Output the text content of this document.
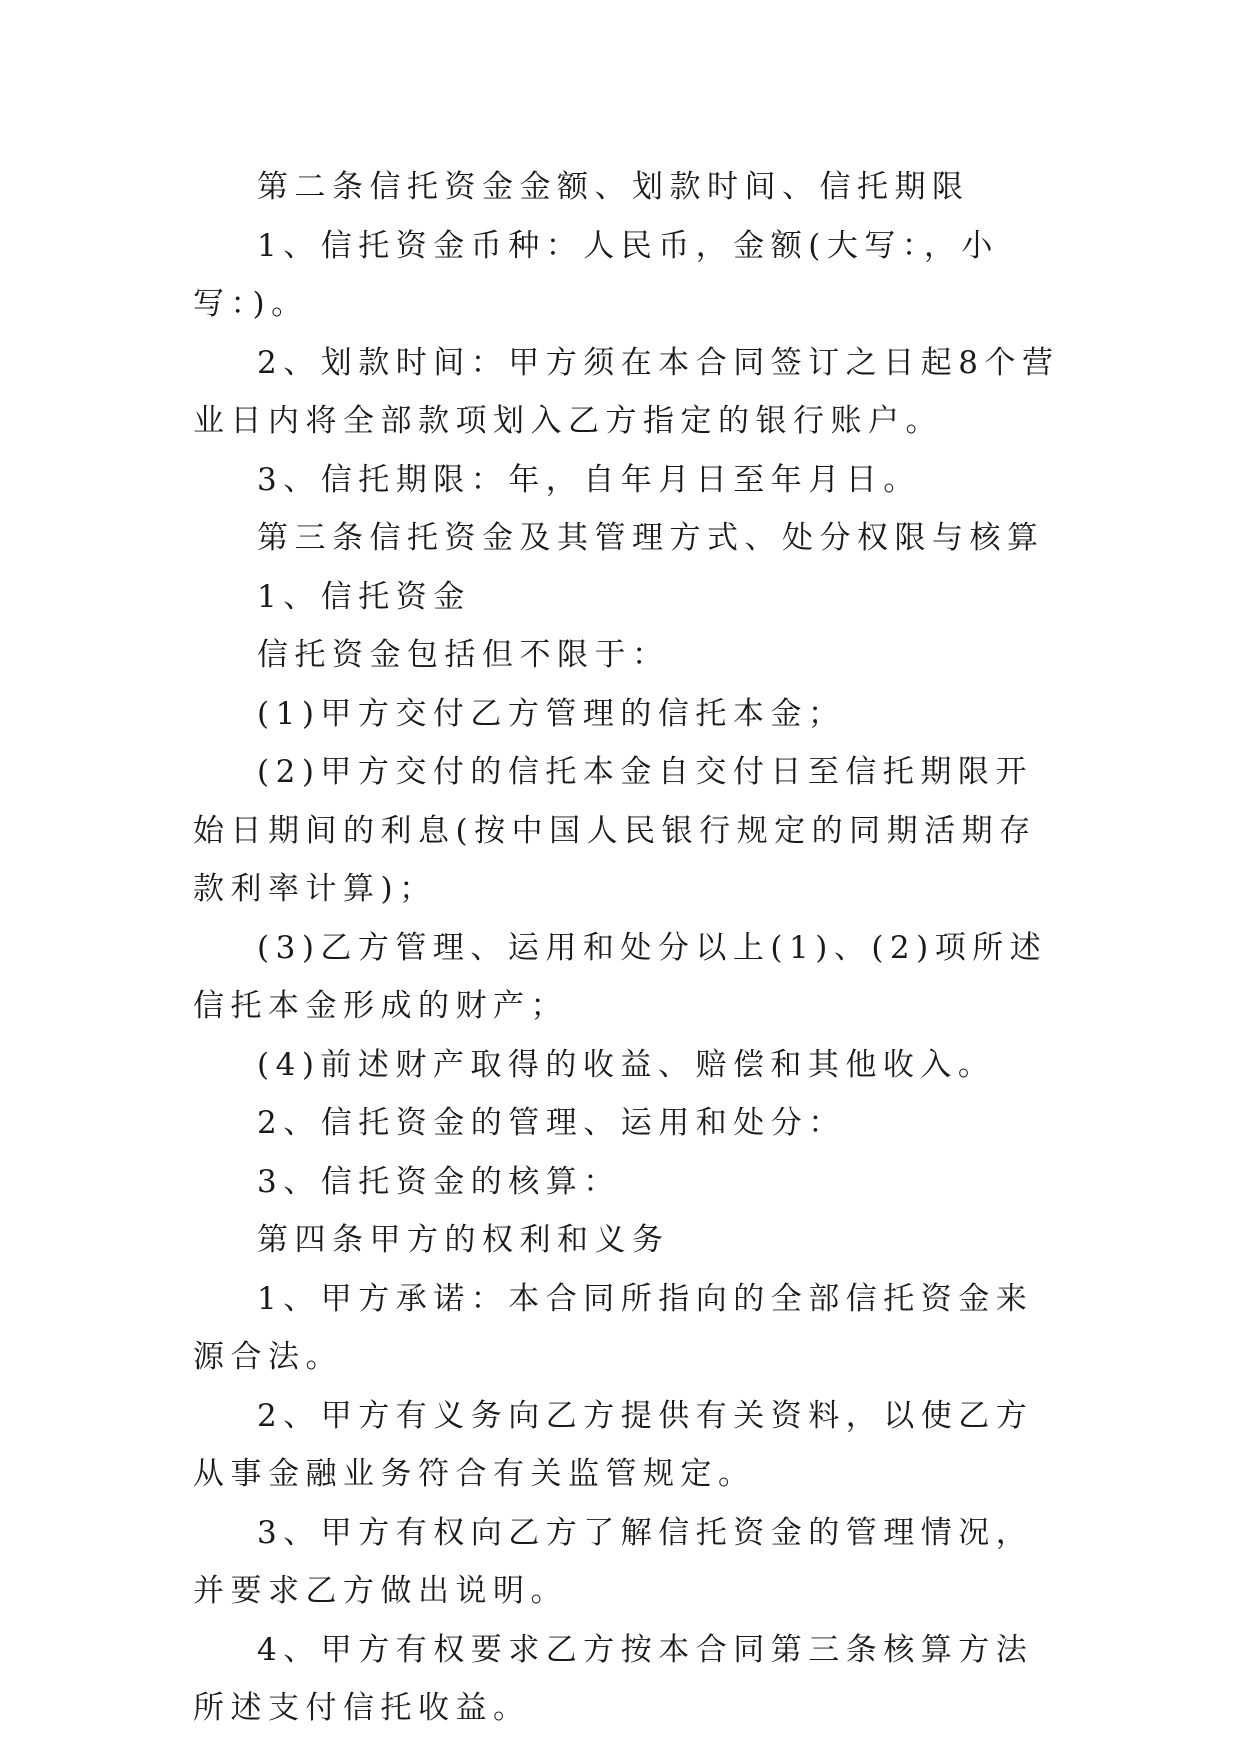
第二条信托资金金额、划款时间、信托期限

1、信托资金币种：人民币，金额(大写：，小写：)。

2、划款时间：甲方须在本合同签订之日起8个营业日内将全部款项划入乙方指定的银行账户。

3、信托期限：年，自年月日至年月日。

第三条信托资金及其管理方式、处分权限与核算

1、信托资金

信托资金包括但不限于：

(1)甲方交付乙方管理的信托本金；

(2)甲方交付的信托本金自交付日至信托期限开始日期间的利息(按中国人民银行规定的同期活期存款利率计算)；

(3)乙方管理、运用和处分以上(1)、(2)项所述信托本金形成的财产；

(4)前述财产取得的收益、赔偿和其他收入。

2、信托资金的管理、运用和处分：

3、信托资金的核算：

第四条甲方的权利和义务

1、甲方承诺：本合同所指向的全部信托资金来源合法。

2、甲方有义务向乙方提供有关资料，以使乙方从事金融业务符合有关监管规定。

3、甲方有权向乙方了解信托资金的管理情况，并要求乙方做出说明。

4、甲方有权要求乙方按本合同第三条核算方法所述支付信托收益。
